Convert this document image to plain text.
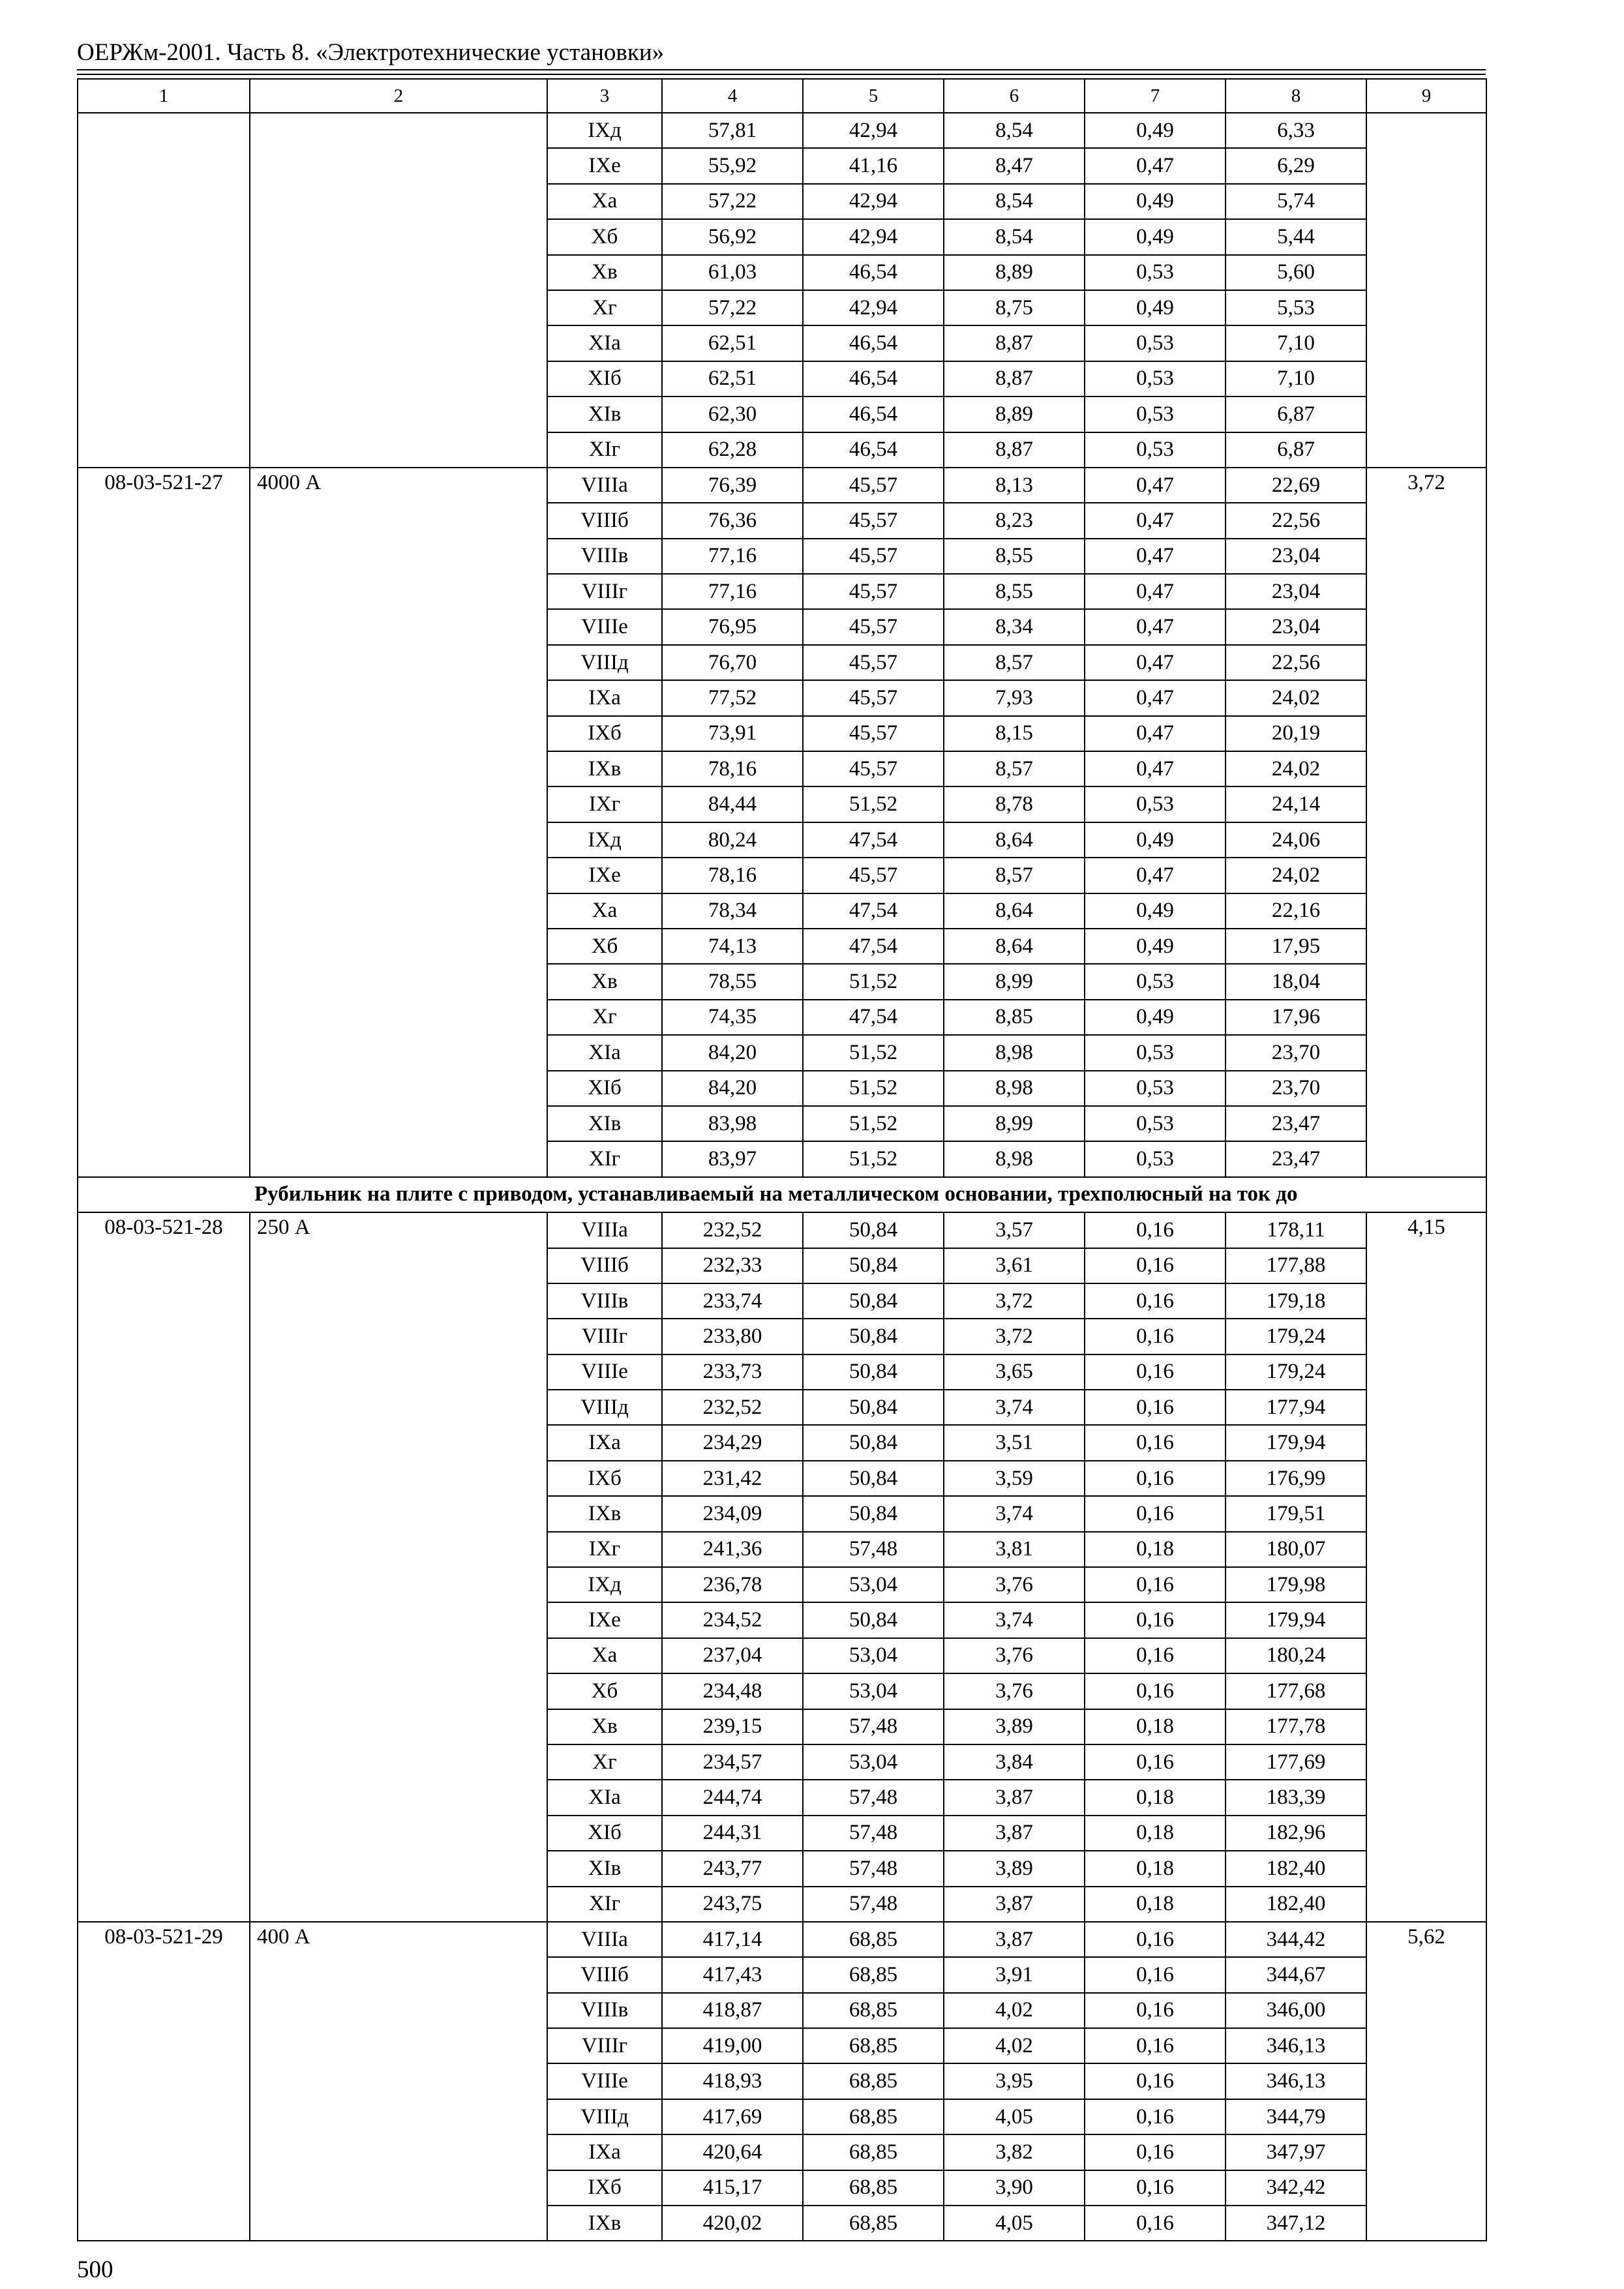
ОЕРЖм-2001. Часть 8. «Электротехнические установки»
1	2	3	4	5	6	7	8	9
		IXд	57,81	42,94	8,54	0,49	6,33	
		IXе	55,92	41,16	8,47	0,47	6,29	
		Xа	57,22	42,94	8,54	0,49	5,74	
		Xб	56,92	42,94	8,54	0,49	5,44	
		Xв	61,03	46,54	8,89	0,53	5,60	
		Xг	57,22	42,94	8,75	0,49	5,53	
		XIа	62,51	46,54	8,87	0,53	7,10	
		XIб	62,51	46,54	8,87	0,53	7,10	
		XIв	62,30	46,54	8,89	0,53	6,87	
		XIг	62,28	46,54	8,87	0,53	6,87	
08-03-521-27	4000 А	VIIIа	76,39	45,57	8,13	0,47	22,69	3,72
		VIIIб	76,36	45,57	8,23	0,47	22,56	
		VIIIв	77,16	45,57	8,55	0,47	23,04	
		VIIIг	77,16	45,57	8,55	0,47	23,04	
		VIIIе	76,95	45,57	8,34	0,47	23,04	
		VIIIд	76,70	45,57	8,57	0,47	22,56	
		IXа	77,52	45,57	7,93	0,47	24,02	
		IXб	73,91	45,57	8,15	0,47	20,19	
		IXв	78,16	45,57	8,57	0,47	24,02	
		IXг	84,44	51,52	8,78	0,53	24,14	
		IXд	80,24	47,54	8,64	0,49	24,06	
		IXе	78,16	45,57	8,57	0,47	24,02	
		Xа	78,34	47,54	8,64	0,49	22,16	
		Xб	74,13	47,54	8,64	0,49	17,95	
		Xв	78,55	51,52	8,99	0,53	18,04	
		Xг	74,35	47,54	8,85	0,49	17,96	
		XIа	84,20	51,52	8,98	0,53	23,70	
		XIб	84,20	51,52	8,98	0,53	23,70	
		XIв	83,98	51,52	8,99	0,53	23,47	
		XIг	83,97	51,52	8,98	0,53	23,47	
Рубильник на плите с приводом, устанавливаемый на металлическом основании, трехполюсный на ток до								
08-03-521-28	250 А	VIIIа	232,52	50,84	3,57	0,16	178,11	4,15
		VIIIб	232,33	50,84	3,61	0,16	177,88	
		VIIIв	233,74	50,84	3,72	0,16	179,18	
		VIIIг	233,80	50,84	3,72	0,16	179,24	
		VIIIе	233,73	50,84	3,65	0,16	179,24	
		VIIIд	232,52	50,84	3,74	0,16	177,94	
		IXа	234,29	50,84	3,51	0,16	179,94	
		IXб	231,42	50,84	3,59	0,16	176,99	
		IXв	234,09	50,84	3,74	0,16	179,51	
		IXг	241,36	57,48	3,81	0,18	180,07	
		IXд	236,78	53,04	3,76	0,16	179,98	
		IXе	234,52	50,84	3,74	0,16	179,94	
		Xа	237,04	53,04	3,76	0,16	180,24	
		Xб	234,48	53,04	3,76	0,16	177,68	
		Xв	239,15	57,48	3,89	0,18	177,78	
		Xг	234,57	53,04	3,84	0,16	177,69	
		XIа	244,74	57,48	3,87	0,18	183,39	
		XIб	244,31	57,48	3,87	0,18	182,96	
		XIв	243,77	57,48	3,89	0,18	182,40	
		XIг	243,75	57,48	3,87	0,18	182,40	
08-03-521-29	400 А	VIIIа	417,14	68,85	3,87	0,16	344,42	5,62
		VIIIб	417,43	68,85	3,91	0,16	344,67	
		VIIIв	418,87	68,85	4,02	0,16	346,00	
		VIIIг	419,00	68,85	4,02	0,16	346,13	
		VIIIе	418,93	68,85	3,95	0,16	346,13	
		VIIIд	417,69	68,85	4,05	0,16	344,79	
		IXа	420,64	68,85	3,82	0,16	347,97	
		IXб	415,17	68,85	3,90	0,16	342,42	
		IXв	420,02	68,85	4,05	0,16	347,12	
500
